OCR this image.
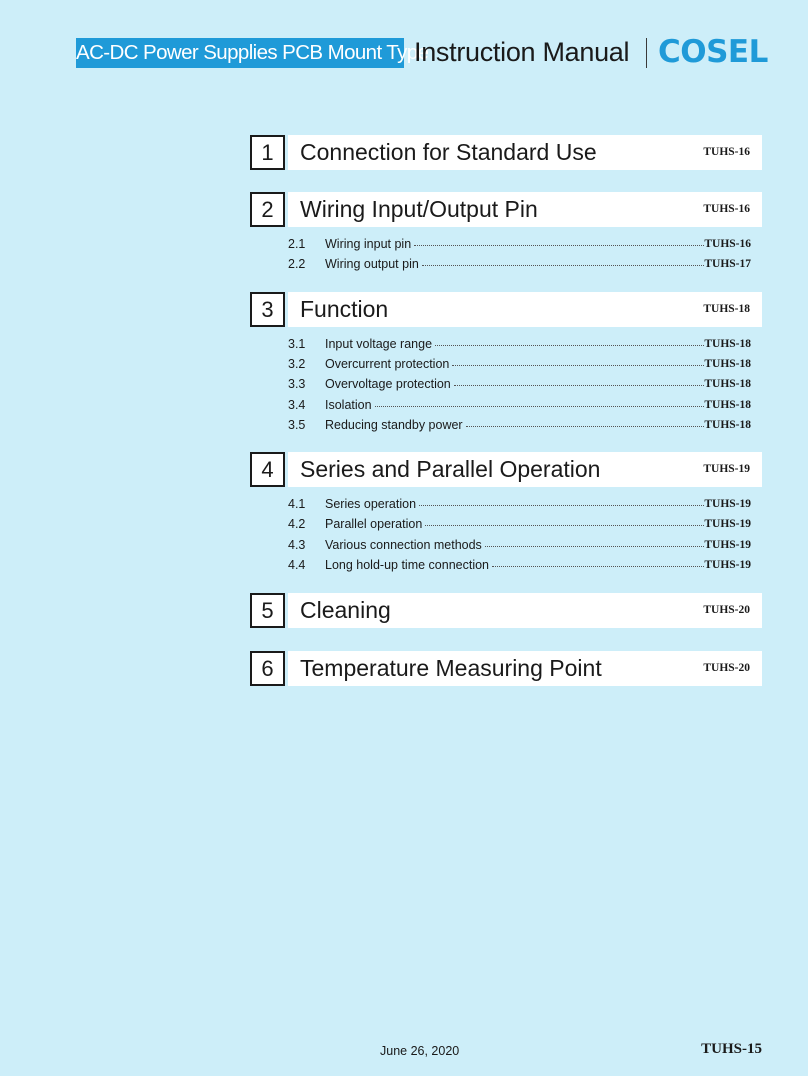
AC-DC Power Supplies PCB Mount Type
Instruction Manual COSEL
1	Connection for Standard Use	TUHS-16
2	Wiring Input/Output Pin	TUHS-16
2.1	Wiring input pin	TUHS-16
2.2	Wiring output pin	TUHS-17
3	Function	TUHS-18
3.1	Input voltage range	TUHS-18
3.2	Overcurrent protection	TUHS-18
3.3	Overvoltage protection	TUHS-18
3.4	Isolation	TUHS-18
3.5	Reducing standby power	TUHS-18
4	Series and Parallel Operation	TUHS-19
4.1	Series operation	TUHS-19
4.2	Parallel operation	TUHS-19
4.3	Various connection methods	TUHS-19
4.4	Long hold-up time connection	TUHS-19
5	Cleaning	TUHS-20
6	Temperature Measuring Point	TUHS-20
June 26, 2020	TUHS-15
